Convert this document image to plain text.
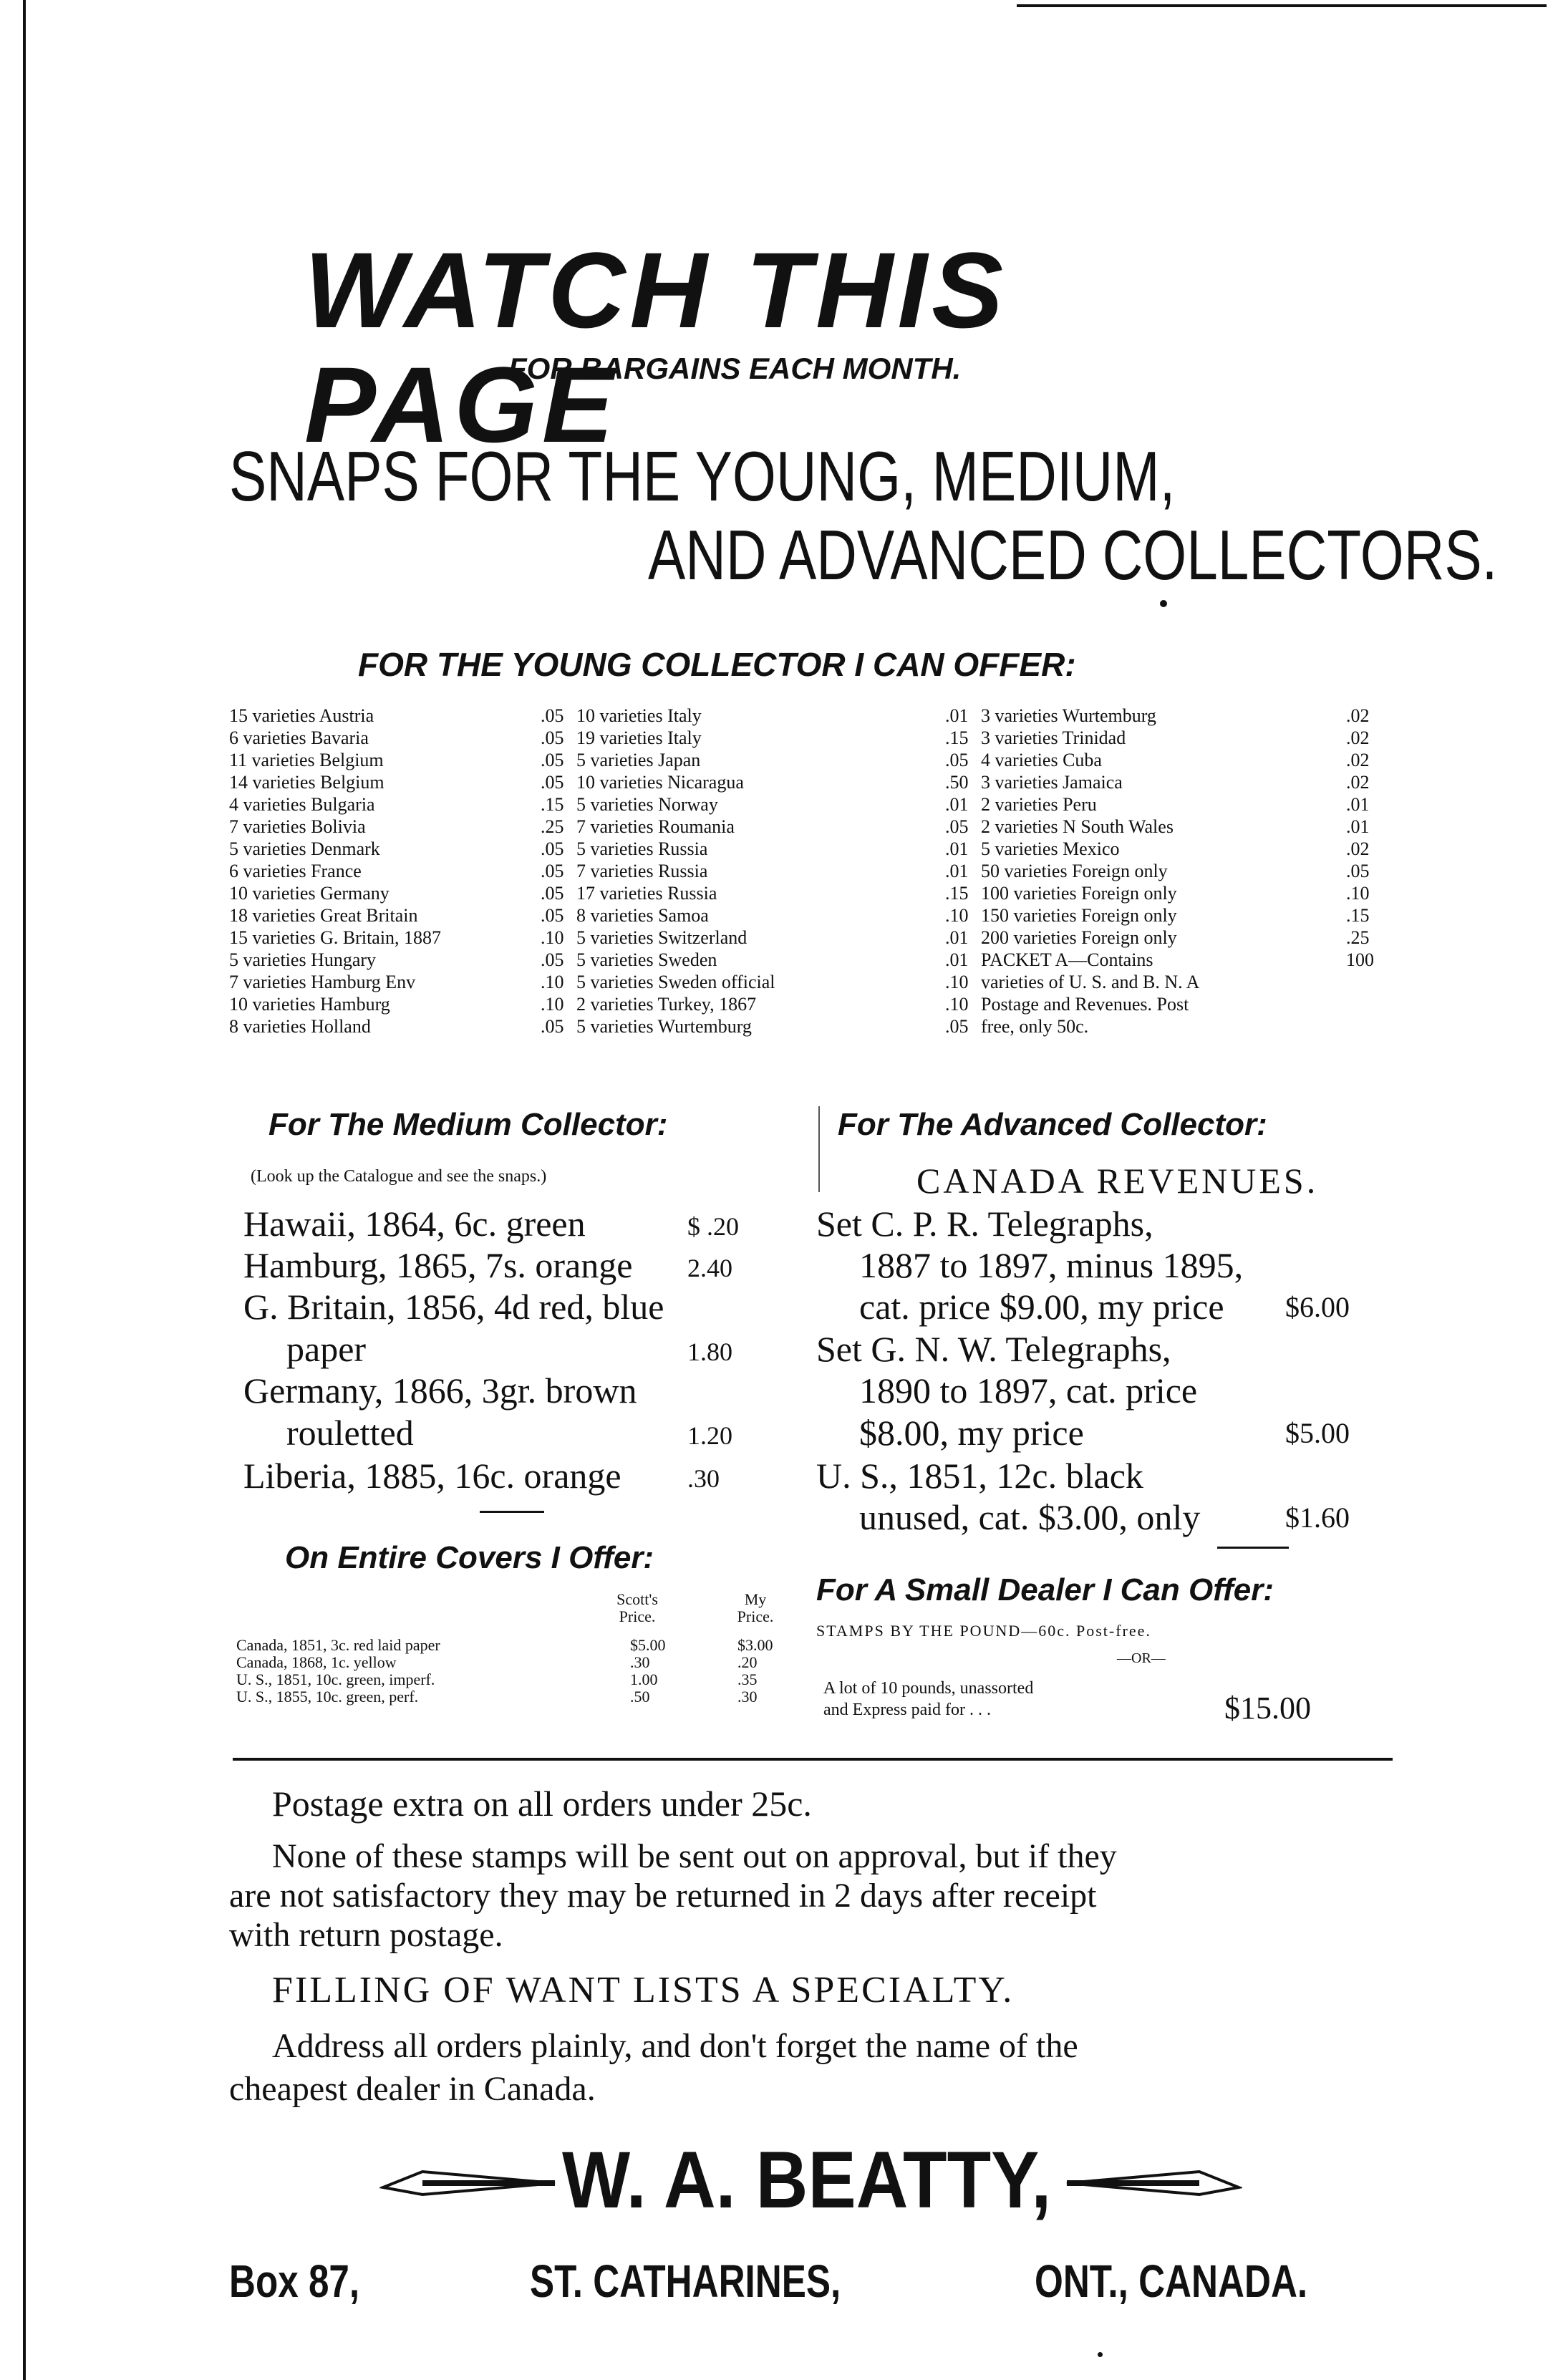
WATCH THIS PAGE
FOR BARGAINS EACH MONTH.
SNAPS FOR THE YOUNG, MEDIUM,
AND ADVANCED COLLECTORS.
FOR THE YOUNG COLLECTOR I CAN OFFER:
15 varieties Austria	.05
6 varieties Bavaria	.05
11 varieties Belgium	.05
14 varieties Belgium	.05
4 varieties Bulgaria	.15
7 varieties Bolivia	.25
5 varieties Denmark	.05
6 varieties France	.05
10 varieties Germany	.05
18 varieties Great Britain	.05
15 varieties G. Britain, 1887	.10
5 varieties Hungary	.05
7 varieties Hamburg Env	.10
10 varieties Hamburg	.10
8 varieties Holland	.05
10 varieties Italy	.01
19 varieties Italy	.15
5 varieties Japan	.05
10 varieties Nicaragua	.50
5 varieties Norway	.01
7 varieties Roumania	.05
5 varieties Russia	.01
7 varieties Russia	.01
17 varieties Russia	.15
8 varieties Samoa	.10
5 varieties Switzerland	.01
5 varieties Sweden	.01
5 varieties Sweden official	.10
2 varieties Turkey, 1867	.10
5 varieties Wurtemburg	.05
3 varieties Wurtemburg	.02
3 varieties Trinidad	.02
4 varieties Cuba	.02
3 varieties Jamaica	.02
2 varieties Peru	.01
2 varieties N South Wales	.01
5 varieties Mexico	.02
50 varieties Foreign only	.05
100 varieties Foreign only	.10
150 varieties Foreign only	.15
200 varieties Foreign only	.25
PACKET A—Contains	100
varieties of U. S. and B. N. A
Postage and Revenues. Post
free, only 50c.
For The Medium Collector:
(Look up the Catalogue and see the snaps.)
Hawaii, 1864, 6c. green	$ .20
Hamburg, 1865, 7s. orange 2.40
G. Britain, 1856, 4d red, blue
paper	1.80
Germany, 1866, 3gr. brown
rouletted	1.20
Liberia, 1885, 16c. orange	.30
For The Advanced Collector:
CANADA REVENUES.
Set C. P. R. Telegraphs,
1887 to 1897, minus 1895,
cat. price $9.00, my price $6.00
Set G. N. W. Telegraphs,
1890 to 1897, cat. price
$8.00, my price	$5.00
U. S., 1851, 12c. black
unused, cat. $3.00, only	$1.60
On Entire Covers I Offer:
Scott's Price.
My Price.
Canada, 1851, 3c. red laid paper	$5.00	$3.00
Canada, 1868, 1c. yellow	.30	.20
U. S., 1851, 10c. green, imperf.	1.00	.35
U. S., 1855, 10c. green, perf.	.50	.30
For A Small Dealer I Can Offer:
STAMPS BY THE POUND—60c. Post-free.
—OR—
A lot of 10 pounds, unassorted
and Express paid for . . .	$15.00
Postage extra on all orders under 25c.
None of these stamps will be sent out on approval, but if they
are not satisfactory they may be returned in 2 days after receipt
with return postage.
FILLING OF WANT LISTS A SPECIALTY.
Address all orders plainly, and don't forget the name of the
cheapest dealer in Canada.
W. A. BEATTY,
Box 87,	ST. CATHARINES,	ONT., CANADA.
